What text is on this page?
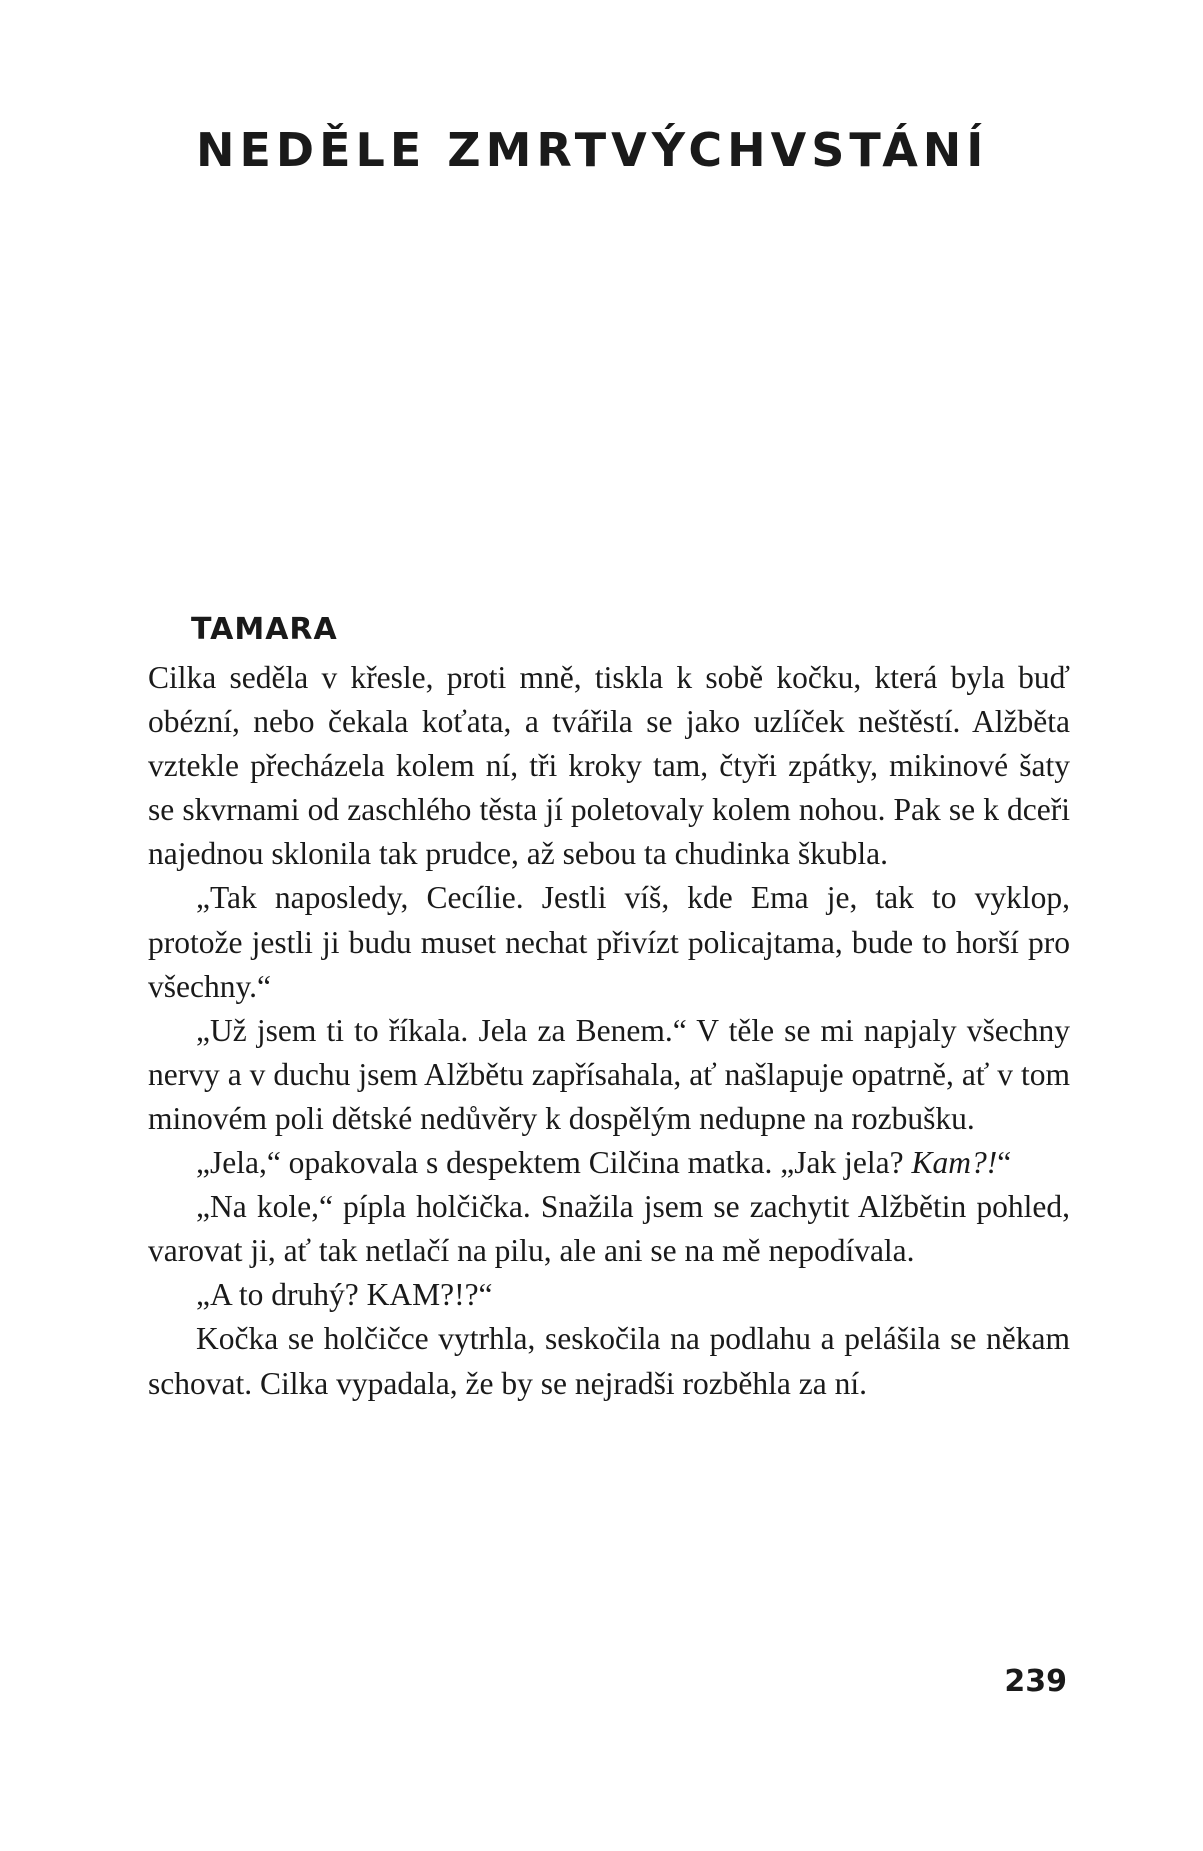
NEDĚLE ZMRTVÝCHVSTÁNÍ
TAMARA

Cilka seděla v křesle, proti mně, tiskla k sobě kočku, která byla buď obézní, nebo čekala koťata, a tvářila se jako uzlíček neštěstí. Alžběta vztekle přecházela kolem ní, tři kroky tam, čtyři zpátky, mikinové šaty se skvrnami od zaschlého těsta jí poletovaly kolem nohou. Pak se k dceři najednou sklonila tak prudce, až sebou ta chudinka škubla.

„Tak naposledy, Cecílie. Jestli víš, kde Ema je, tak to vyklop, protože jestli ji budu muset nechat přivízt policajtama, bude to horší pro všechny.“

„Už jsem ti to říkala. Jela za Benem.“ V těle se mi napjaly všechny nervy a v duchu jsem Alžbětu zapřísahala, ať našlapuje opatrně, ať v tom minovém poli dětské nedůvěry k dospělým nedupne na rozbušku.

„Jela,“ opakovala s despektem Cilčina matka. „Jak jela? Kam?!“

„Na kole,“ pípla holčička. Snažila jsem se zachytit Alžbětin pohled, varovat ji, ať tak netlačí na pilu, ale ani se na mě nepodívala.

„A to druhý? KAM?!?“

Kočka se holčičce vytrhla, seskočila na podlahu a pelášila se někam schovat. Cilka vypadala, že by se nejradši rozběhla za ní.

239
